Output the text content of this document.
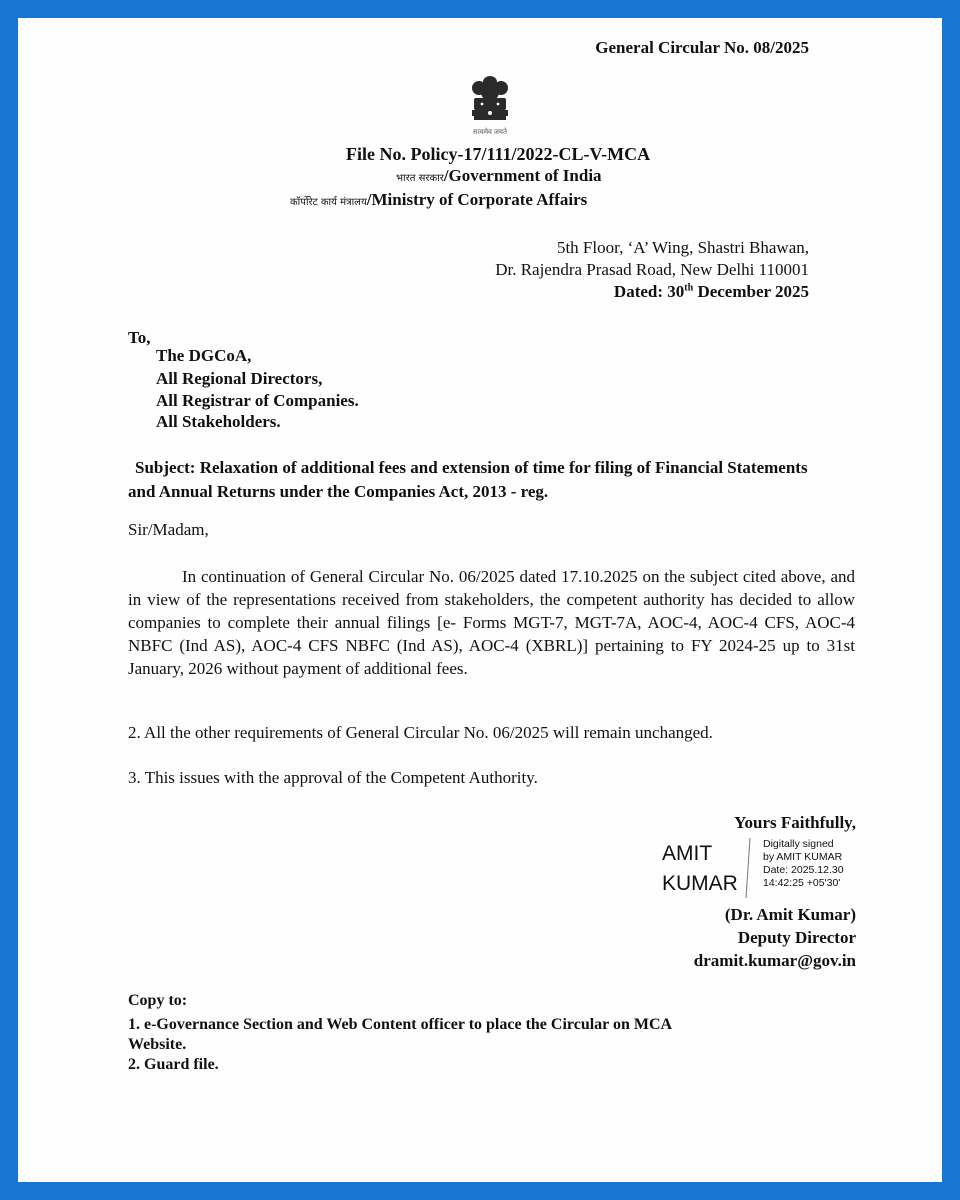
General Circular No. 08/2025
सत्यमेव जयते
File No. Policy-17/111/2022-CL-V-MCA
भारत सरकार/Government of India
कॉर्पोरेट कार्य मंत्रालय/Ministry of Corporate Affairs
5th Floor, ‘A’ Wing, Shastri Bhawan,
Dr. Rajendra Prasad Road, New Delhi 110001
Dated: 30th December 2025
To,
The DGCoA,
All Regional Directors,
All Registrar of Companies.
All Stakeholders.
Subject: Relaxation of additional fees and extension of time for filing of Financial Statements and Annual Returns under the Companies Act, 2013 - reg.
Sir/Madam,
In continuation of General Circular No. 06/2025 dated 17.10.2025 on the subject cited above, and in view of the representations received from stakeholders, the competent authority has decided to allow companies to complete their annual filings [e- Forms MGT-7, MGT-7A, AOC-4, AOC-4 CFS, AOC-4 NBFC (Ind AS), AOC-4 CFS NBFC (Ind AS), AOC-4 (XBRL)] pertaining to FY 2024-25 up to 31st January, 2026 without payment of additional fees.
2. All the other requirements of General Circular No. 06/2025 will remain unchanged.
3. This issues with the approval of the Competent Authority.
Yours Faithfully,
AMIT
KUMAR
Digitally signed
by AMIT KUMAR
Date: 2025.12.30
14:42:25 +05'30'
(Dr. Amit Kumar)
Deputy Director
dramit.kumar@gov.in
Copy to:
1. e-Governance Section and Web Content officer to place the Circular on MCA
Website.
2. Guard file.
